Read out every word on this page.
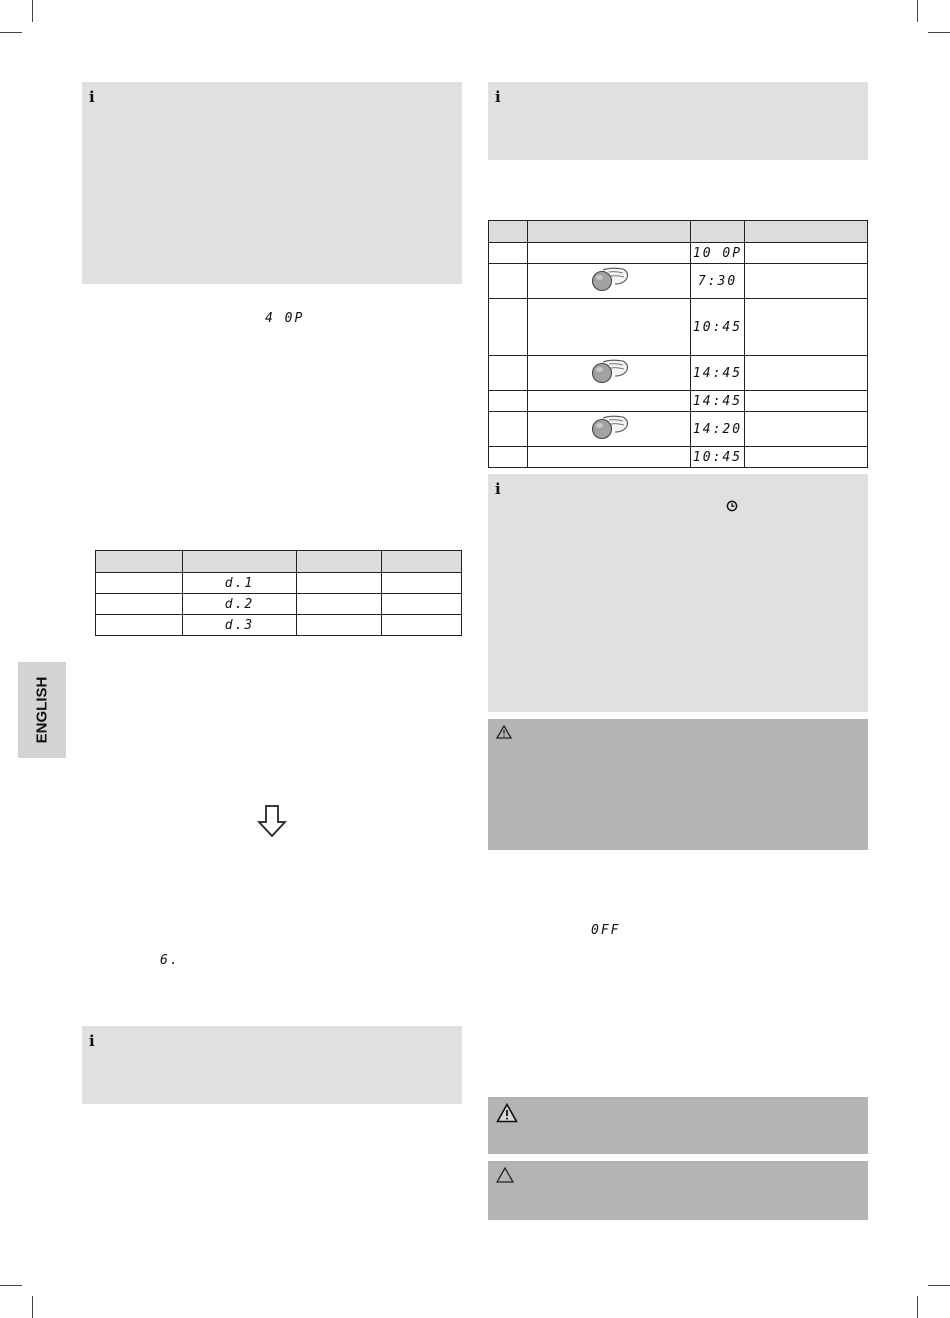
i
4 0P

	d.1		
	d.2		
	d.3		
ENGLISH
6.
i
i

		10 0P	
		7:30	
		10:45	
		14:45	
		14:45	
		14:20	
		10:45	
i
0FF
